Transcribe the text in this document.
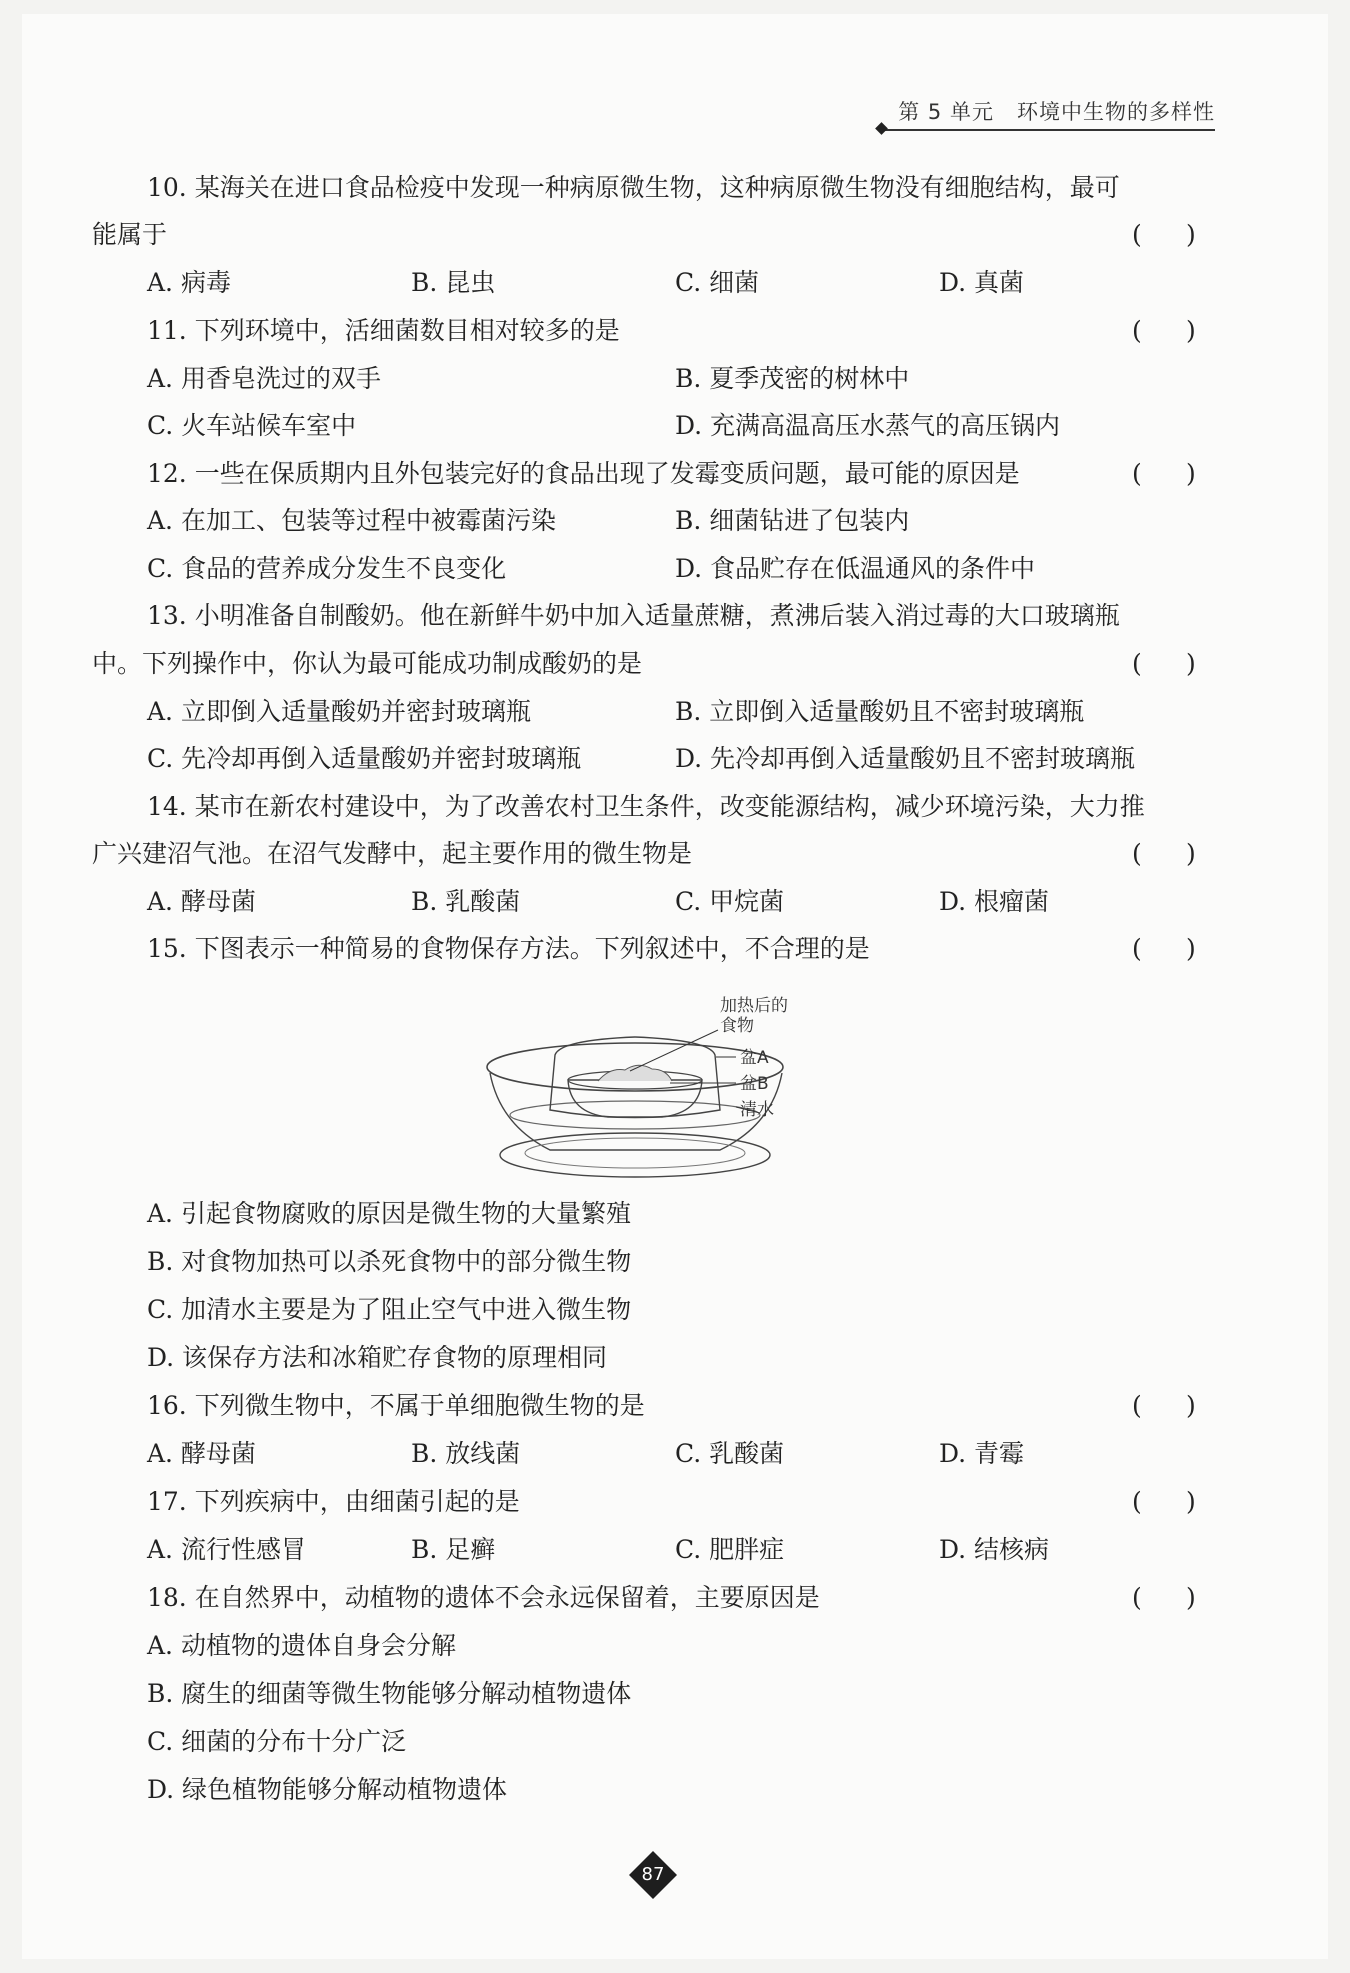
第 5 单元 环境中生物的多样性
10. 某海关在进口食品检疫中发现一种病原微生物，这种病原微生物没有细胞结构，最可
能属于	( )
A. 病毒	B. 昆虫	C. 细菌	D. 真菌
11. 下列环境中，活细菌数目相对较多的是	( )
A. 用香皂洗过的双手	B. 夏季茂密的树林中
C. 火车站候车室中	D. 充满高温高压水蒸气的高压锅内
12. 一些在保质期内且外包装完好的食品出现了发霉变质问题，最可能的原因是	( )
A. 在加工、包装等过程中被霉菌污染	B. 细菌钻进了包装内
C. 食品的营养成分发生不良变化	D. 食品贮存在低温通风的条件中
13. 小明准备自制酸奶。他在新鲜牛奶中加入适量蔗糖，煮沸后装入消过毒的大口玻璃瓶
中。下列操作中，你认为最可能成功制成酸奶的是	( )
A. 立即倒入适量酸奶并密封玻璃瓶	B. 立即倒入适量酸奶且不密封玻璃瓶
C. 先冷却再倒入适量酸奶并密封玻璃瓶	D. 先冷却再倒入适量酸奶且不密封玻璃瓶
14. 某市在新农村建设中，为了改善农村卫生条件，改变能源结构，减少环境污染，大力推
广兴建沼气池。在沼气发酵中，起主要作用的微生物是	( )
A. 酵母菌	B. 乳酸菌	C. 甲烷菌	D. 根瘤菌
15. 下图表示一种简易的食物保存方法。下列叙述中，不合理的是	( )
加热后的
食物
盆A
盆B
清水
A. 引起食物腐败的原因是微生物的大量繁殖
B. 对食物加热可以杀死食物中的部分微生物
C. 加清水主要是为了阻止空气中进入微生物
D. 该保存方法和冰箱贮存食物的原理相同
16. 下列微生物中，不属于单细胞微生物的是	( )
A. 酵母菌	B. 放线菌	C. 乳酸菌	D. 青霉
17. 下列疾病中，由细菌引起的是	( )
A. 流行性感冒	B. 足癣	C. 肥胖症	D. 结核病
18. 在自然界中，动植物的遗体不会永远保留着，主要原因是	( )
A. 动植物的遗体自身会分解
B. 腐生的细菌等微生物能够分解动植物遗体
C. 细菌的分布十分广泛
D. 绿色植物能够分解动植物遗体
87
